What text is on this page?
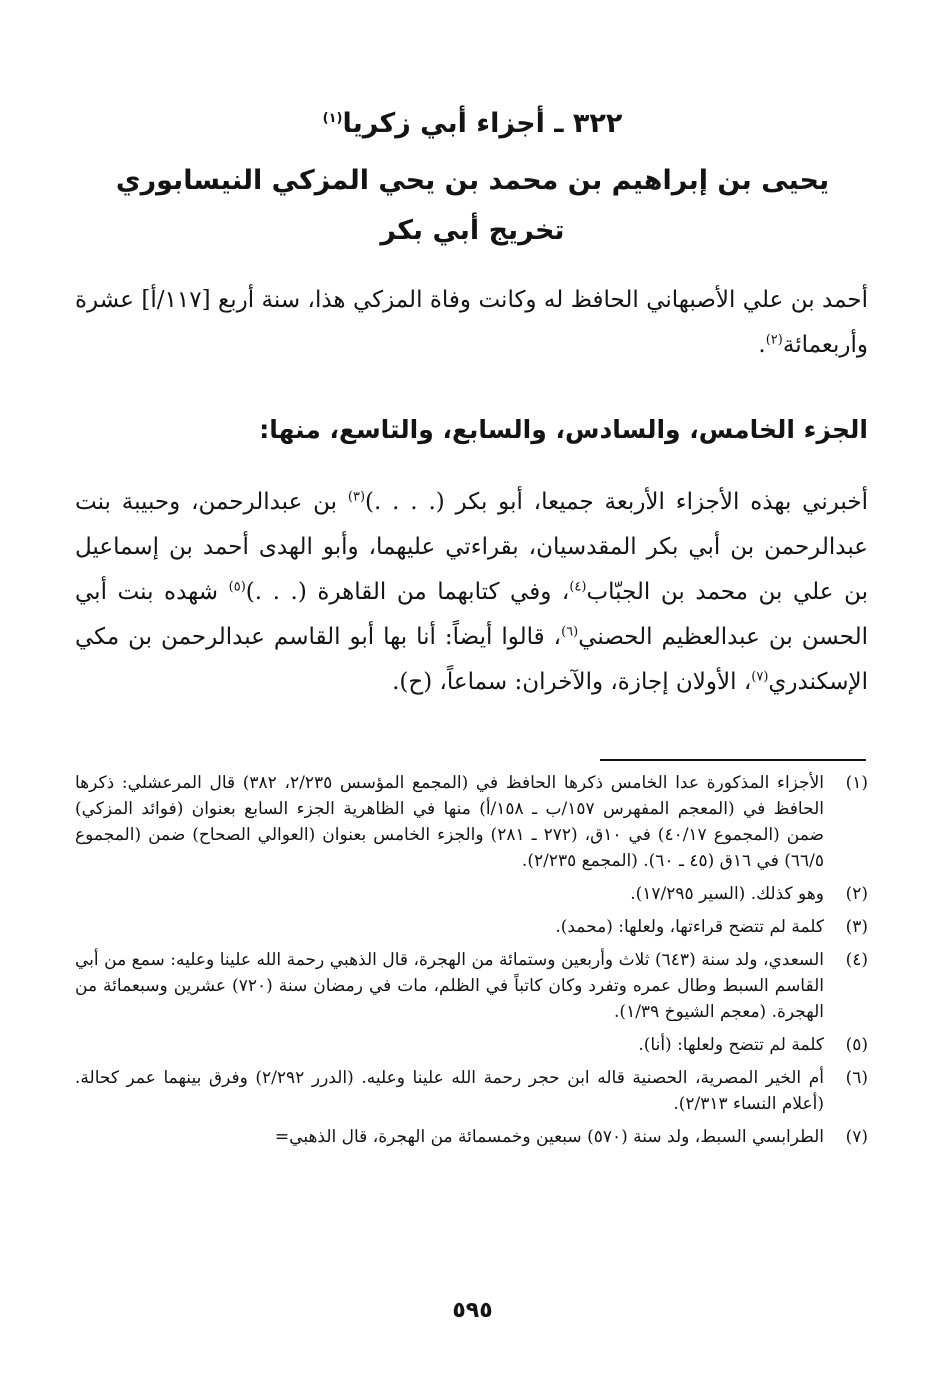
٣٢٢ ـ أجزاء أبي زكريا$^{(١)}$
يحيى بن إبراهيم بن محمد بن يحي المزكي النيسابوري
تخريج أبي بكر
أحمد بن علي الأصبهاني الحافظ له وكانت وفاة المزكي هذا، سنة أربع [١١٧/أ] عشرة وأربعمائة$^{(٢)}$.
الجزء الخامس، والسادس، والسابع، والتاسع، منها:
أخبرني بهذه الأجزاء الأربعة جميعا، أبو بكر (. . . .)$^{(٣)}$ بن عبدالرحمن، وحبيبة بنت عبدالرحمن بن أبي بكر المقدسيان، بقراءتي عليهما، وأبو الهدى أحمد بن إسماعيل بن علي بن محمد بن الجبّاب$^{(٤)}$، وفي كتابهما من القاهرة (. . .)$^{(٥)}$ شهده بنت أبي الحسن بن عبدالعظيم الحصني$^{(٦)}$، قالوا أيضاً: أنا بها أبو القاسم عبدالرحمن بن مكي الإسكندري$^{(٧)}$، الأولان إجازة، والآخران: سماعاً، (ح).
(١)
الأجزاء المذكورة عدا الخامس ذكرها الحافظ في (المجمع المؤسس ٢/٢٣٥، ٣٨٢) قال المرعشلي: ذكرها الحافظ في (المعجم المفهرس ١٥٧/ب ـ ١٥٨/أ) منها في الظاهرية الجزء السابع بعنوان (فوائد المزكي) ضمن (المجموع ٤٠/١٧) في ١٠ق، (٢٧٢ ـ ٢٨١) والجزء الخامس بعنوان (العوالي الصحاح) ضمن (المجموع ٦٦/٥) في ١٦ق (٤٥ ـ ٦٠). (المجمع ٢/٢٣٥).
(٢)
وهو كذلك. (السير ١٧/٢٩٥).
(٣)
كلمة لم تتضح قراءتها، ولعلها: (محمد).
(٤)
السعدي، ولد سنة (٦٤٣) ثلاث وأربعين وستمائة من الهجرة، قال الذهبي رحمة الله علينا وعليه: سمع من أبي القاسم السبط وطال عمره وتفرد وكان كاتباً في الظلم، مات في رمضان سنة (٧٢٠) عشرين وسبعمائة من الهجرة. (معجم الشيوخ ١/٣٩).
(٥)
كلمة لم تتضح ولعلها: (أنا).
(٦)
أم الخير المصرية، الحصنية قاله ابن حجر رحمة الله علينا وعليه. (الدرر ٢/٢٩٢) وفرق بينهما عمر كحالة. (أعلام النساء ٢/٣١٣).
(٧)
الطرابسي السبط، ولد سنة (٥٧٠) سبعين وخمسمائة من الهجرة، قال الذهبي=
٥٩٥
